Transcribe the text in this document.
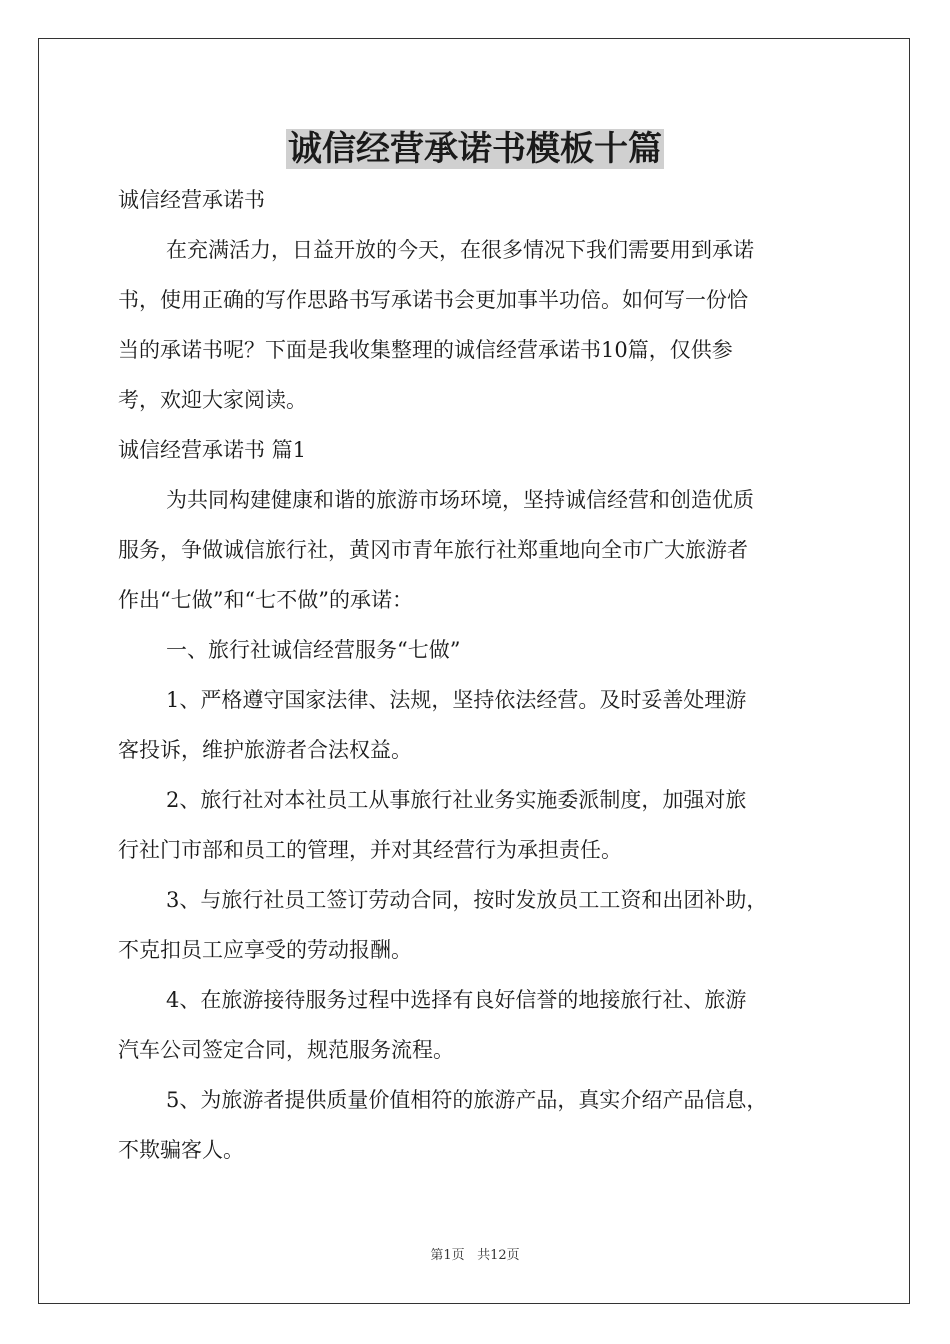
诚信经营承诺书模板十篇
诚信经营承诺书
在充满活力，日益开放的今天，在很多情况下我们需要用到承诺
书，使用正确的写作思路书写承诺书会更加事半功倍。如何写一份恰
当的承诺书呢？下面是我收集整理的诚信经营承诺书10篇，仅供参
考，欢迎大家阅读。
诚信经营承诺书 篇1
为共同构建健康和谐的旅游市场环境，坚持诚信经营和创造优质
服务，争做诚信旅行社，黄冈市青年旅行社郑重地向全市广大旅游者
作出“七做”和“七不做”的承诺：
一、旅行社诚信经营服务“七做”
1、严格遵守国家法律、法规，坚持依法经营。及时妥善处理游
客投诉，维护旅游者合法权益。
2、旅行社对本社员工从事旅行社业务实施委派制度，加强对旅
行社门市部和员工的管理，并对其经营行为承担责任。
3、与旅行社员工签订劳动合同，按时发放员工工资和出团补助，
不克扣员工应享受的劳动报酬。
4、在旅游接待服务过程中选择有良好信誉的地接旅行社、旅游
汽车公司签定合同，规范服务流程。
5、为旅游者提供质量价值相符的旅游产品，真实介绍产品信息，
不欺骗客人。
第1页 共12页
